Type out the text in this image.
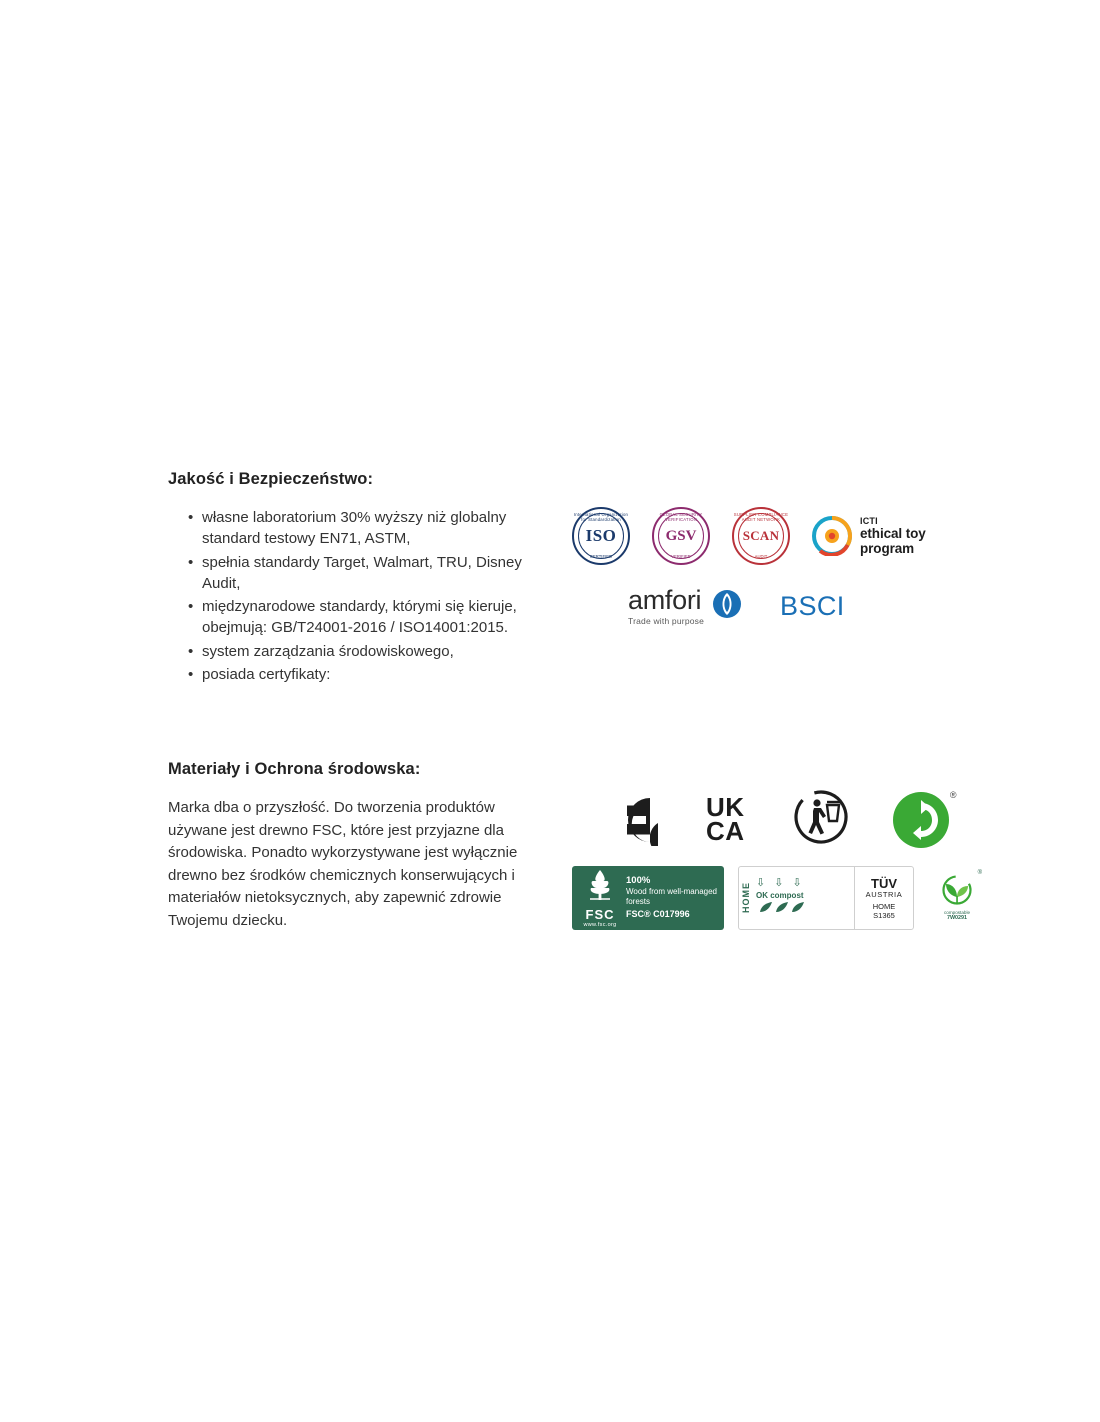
Jakość i Bezpieczeństwo:
• własne laboratorium 30% wyższy niż globalny standard testowy EN71, ASTM,
• spełnia standardy Target, Walmart, TRU, Disney Audit,
• międzynarodowe standardy, którymi się kieruje, obejmują: GB/T24001-2016 / ISO14001:2015.
• system zarządzania środowiskowego,
• posiada certyfikaty:
International Organization for Standardization
ISO
CERTIFIED
GLOBAL SECURITY VERIFICATION
GSV
VERIFIED
SUPPLIER COMPLIANCE AUDIT NETWORK
SCAN
AUDIT
ICTI
ethical toy
program
amfori
Trade with purpose
BSCI
Materiały i Ochrona środowska:

Marka dba o przyszłość. Do tworzenia produktów używane jest drewno FSC, które jest przyjazne dla środowiska. Ponadto wykorzystywane jest wyłącznie drewno bez środków chemicznych konserwujących i materiałów nietoksycznych, aby zapewnić zdrowie Twojemu dziecku.

UK
CA
®
FSC
www.fsc.org
100%
Wood from well-managed forests
FSC® C017996
HOME ⇩ ⇩ ⇩
OK compost
TÜV
AUSTRIA
HOME
S1365
®
compostable
7W0291
